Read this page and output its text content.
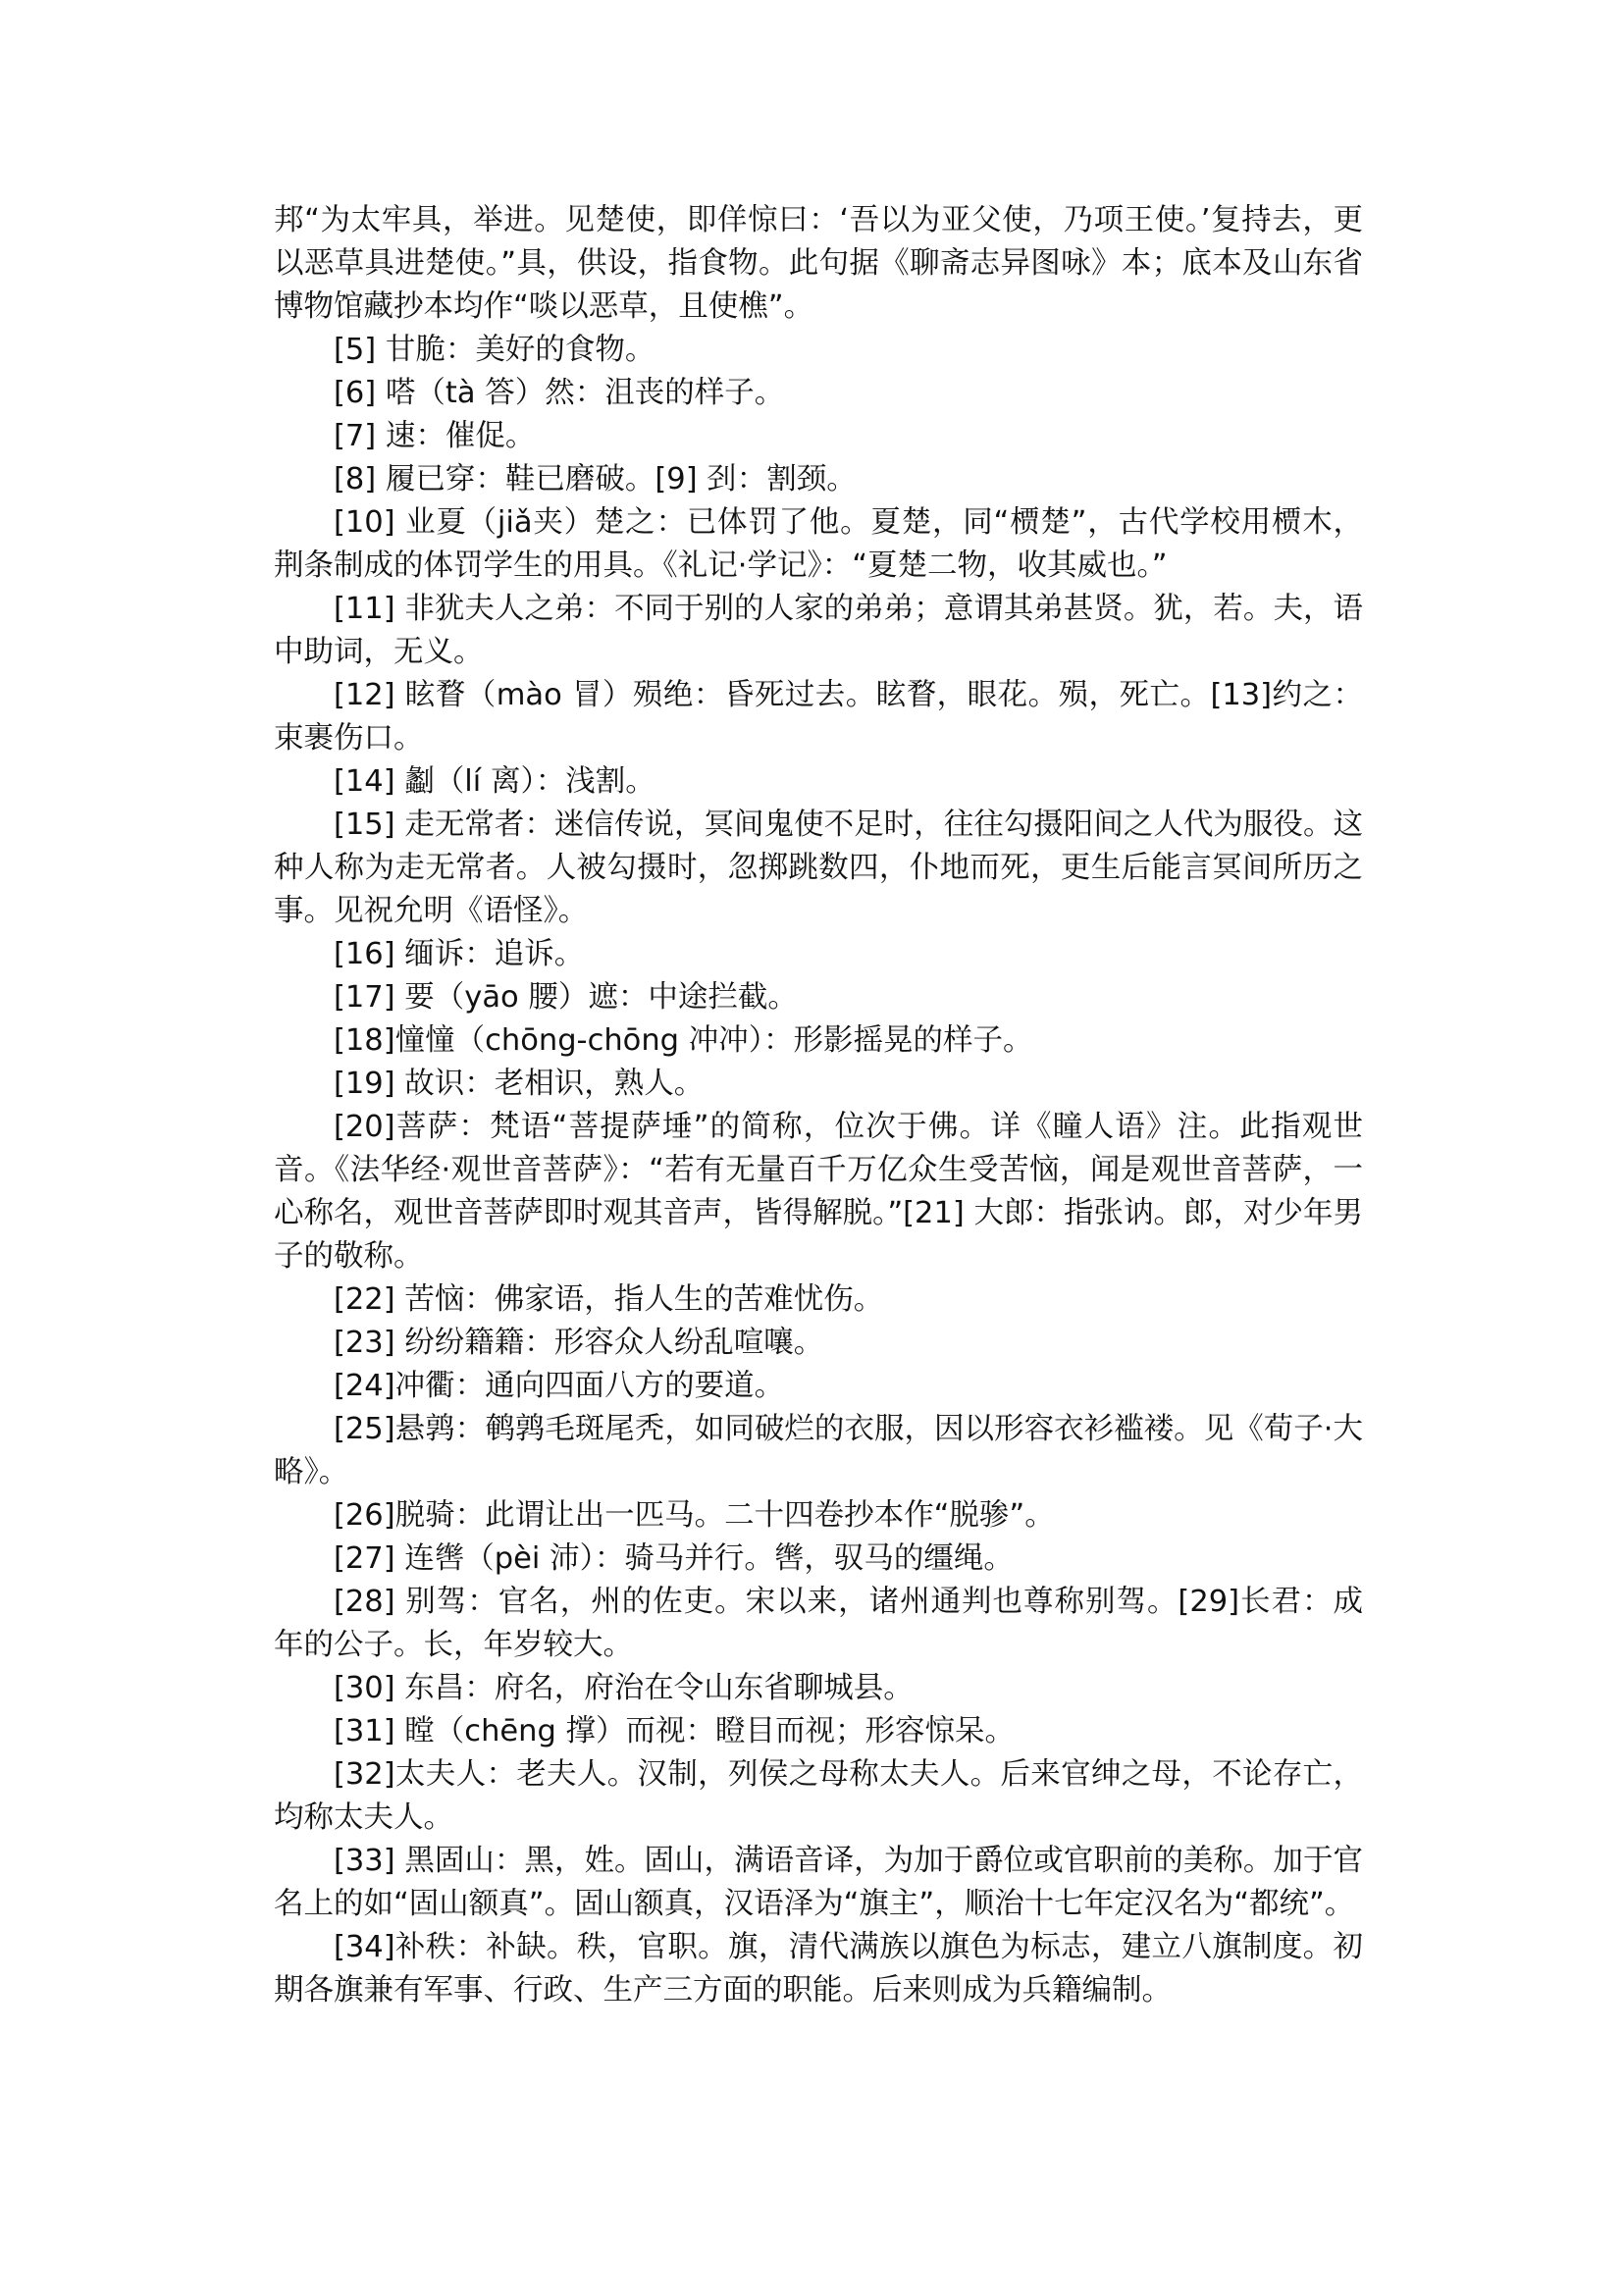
邦“为太牢具，举进。见楚使，即佯惊曰：‘吾以为亚父使，乃项王使。’复持去，更以恶草具进楚使。”具，供设，指食物。此句据《聊斋志异图咏》本；底本及山东省博物馆藏抄本均作“啖以恶草，且使樵”。

[5] 甘脆：美好的食物。

[6] 嗒（tà 答）然：沮丧的样子。

[7] 速：催促。

[8] 履已穿：鞋已磨破。[9] 刭：割颈。

[10] 业夏（jiǎ夹）楚之：已体罚了他。夏楚，同“槚楚”，古代学校用槚木，荆条制成的体罚学生的用具。《礼记·学记》：“夏楚二物，收其威也。”

[11] 非犹夫人之弟：不同于别的人家的弟弟；意谓其弟甚贤。犹，若。夫，语中助词，无义。

[12] 眩瞀（mào 冒）殒绝：昏死过去。眩瞀，眼花。殒，死亡。[13]约之：束裹伤口。

[14] 劙（lí 离）：浅割。

[15] 走无常者：迷信传说，冥间鬼使不足时，往往勾摄阳间之人代为服役。这种人称为走无常者。人被勾摄时，忽掷跳数四，仆地而死，更生后能言冥间所历之事。见祝允明《语怪》。

[16] 缅诉：追诉。

[17] 要（yāo 腰）遮：中途拦截。

[18]憧憧（chōng-chōng 冲冲）：形影摇晃的样子。

[19] 故识：老相识，熟人。

[20]菩萨：梵语“菩提萨埵”的简称，位次于佛。详《瞳人语》注。此指观世音。《法华经·观世音菩萨》：“若有无量百千万亿众生受苦恼，闻是观世音菩萨，一心称名，观世音菩萨即时观其音声，皆得解脱。”[21] 大郎：指张讷。郎，对少年男子的敬称。

[22] 苦恼：佛家语，指人生的苦难忧伤。

[23] 纷纷籍籍：形容众人纷乱喧嚷。

[24]冲衢：通向四面八方的要道。

[25]悬鹑：鹌鹑毛斑尾秃，如同破烂的衣服，因以形容衣衫褴褛。见《荀子·大略》。

[26]脱骑：此谓让出一匹马。二十四卷抄本作“脱骖”。

[27] 连辔（pèi 沛）：骑马并行。辔，驭马的缰绳。

[28] 别驾：官名，州的佐吏。宋以来，诸州通判也尊称别驾。[29]长君：成年的公子。长，年岁较大。

[30] 东昌：府名，府治在令山东省聊城县。

[31] 瞠（chēng 撑）而视：瞪目而视；形容惊呆。

[32]太夫人：老夫人。汉制，列侯之母称太夫人。后来官绅之母，不论存亡，均称太夫人。

[33] 黑固山：黑，姓。固山，满语音译，为加于爵位或官职前的美称。加于官名上的如“固山额真”。固山额真，汉语泽为“旗主”，顺治十七年定汉名为“都统”。

[34]补秩：补缺。秩，官职。旗，清代满族以旗色为标志，建立八旗制度。初期各旗兼有军事、行政、生产三方面的职能。后来则成为兵籍编制。
